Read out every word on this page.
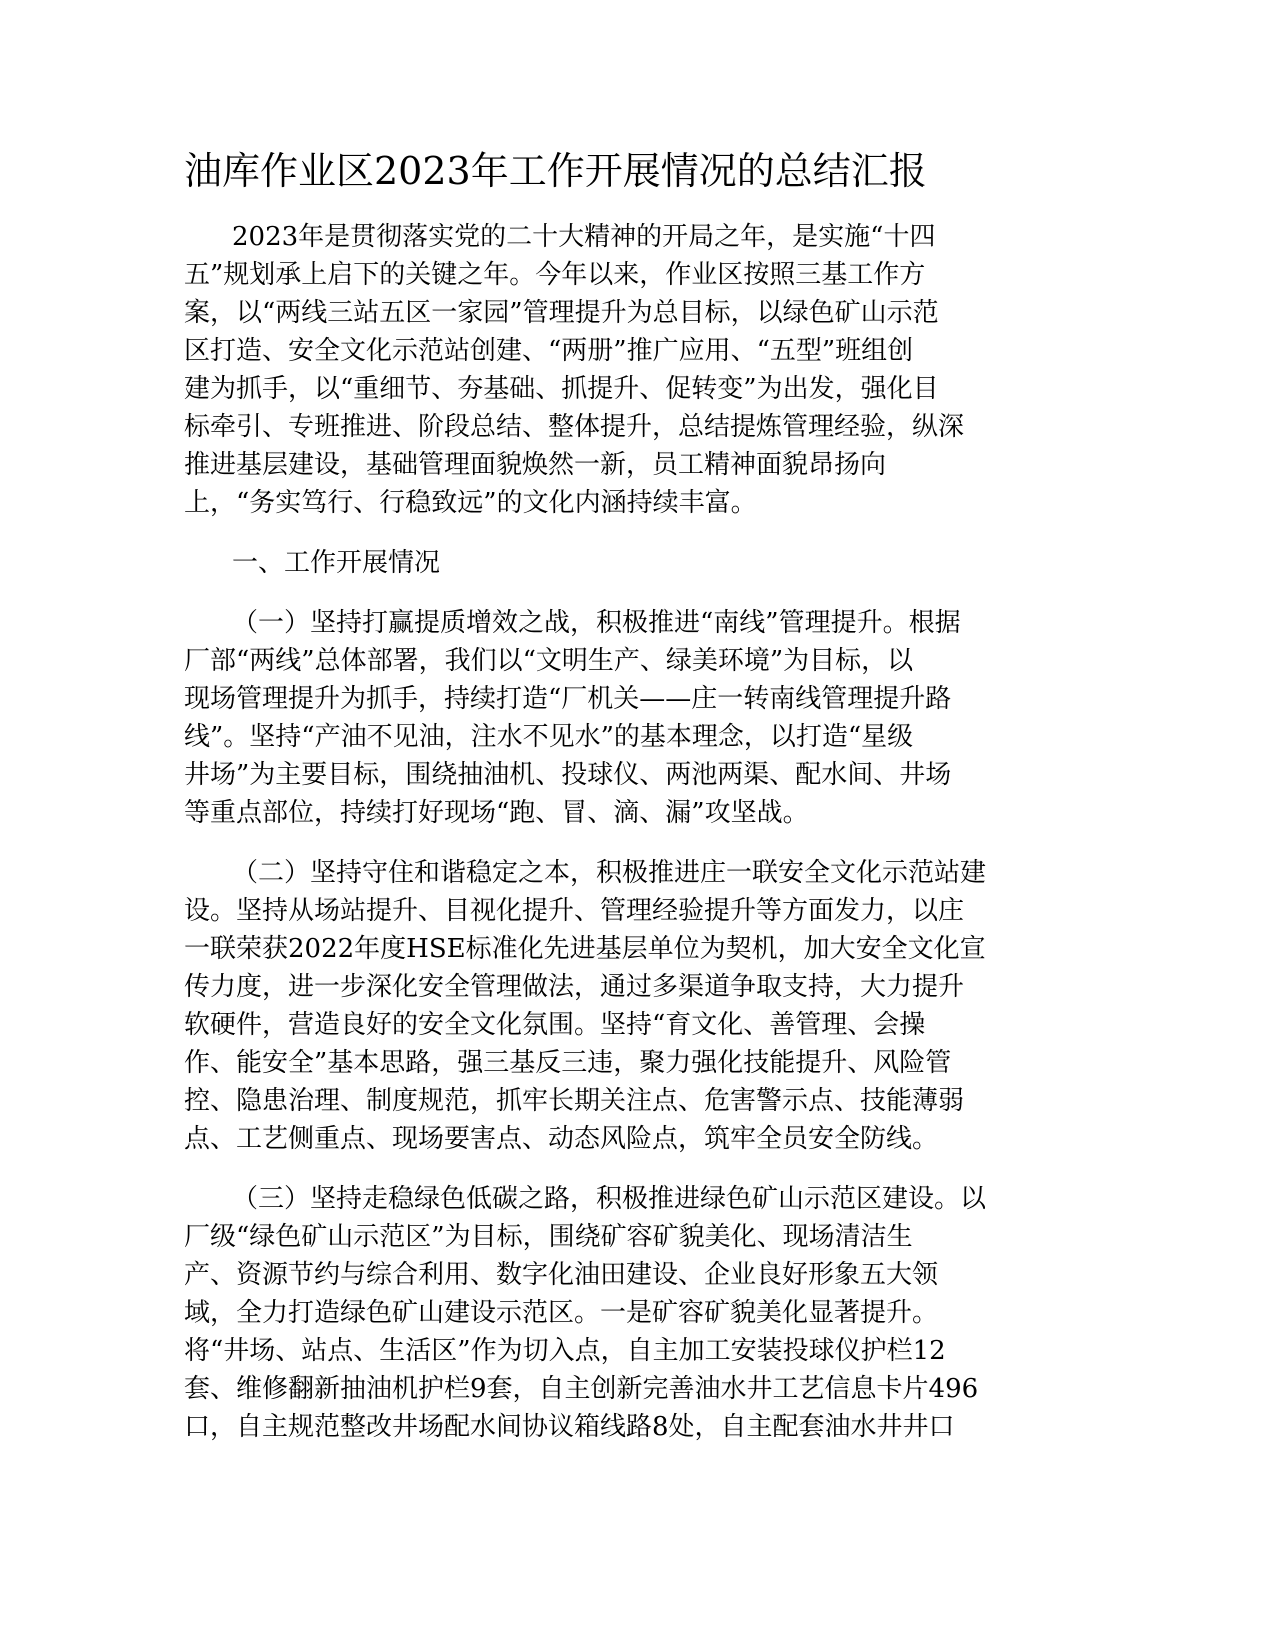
油库作业区2023年工作开展情况的总结汇报
2023年是贯彻落实党的二十大精神的开局之年，是实施“十四
五”规划承上启下的关键之年。今年以来，作业区按照三基工作方
案，以“两线三站五区一家园”管理提升为总目标，以绿色矿山示范
区打造、安全文化示范站创建、“两册”推广应用、“五型”班组创
建为抓手，以“重细节、夯基础、抓提升、促转变”为出发，强化目
标牵引、专班推进、阶段总结、整体提升，总结提炼管理经验，纵深
推进基层建设，基础管理面貌焕然一新，员工精神面貌昂扬向
上，“务实笃行、行稳致远”的文化内涵持续丰富。
一、工作开展情况
（一）坚持打赢提质增效之战，积极推进“南线”管理提升。根据
厂部“两线”总体部署，我们以“文明生产、绿美环境”为目标，以
现场管理提升为抓手，持续打造“厂机关——庄一转南线管理提升路
线”。坚持“产油不见油，注水不见水”的基本理念，以打造“星级
井场”为主要目标，围绕抽油机、投球仪、两池两渠、配水间、井场
等重点部位，持续打好现场“跑、冒、滴、漏”攻坚战。
（二）坚持守住和谐稳定之本，积极推进庄一联安全文化示范站建
设。坚持从场站提升、目视化提升、管理经验提升等方面发力，以庄
一联荣获2022年度HSE标准化先进基层单位为契机，加大安全文化宣
传力度，进一步深化安全管理做法，通过多渠道争取支持，大力提升
软硬件，营造良好的安全文化氛围。坚持“育文化、善管理、会操
作、能安全”基本思路，强三基反三违，聚力强化技能提升、风险管
控、隐患治理、制度规范，抓牢长期关注点、危害警示点、技能薄弱
点、工艺侧重点、现场要害点、动态风险点，筑牢全员安全防线。
（三）坚持走稳绿色低碳之路，积极推进绿色矿山示范区建设。以
厂级“绿色矿山示范区”为目标，围绕矿容矿貌美化、现场清洁生
产、资源节约与综合利用、数字化油田建设、企业良好形象五大领
域，全力打造绿色矿山建设示范区。一是矿容矿貌美化显著提升。
将“井场、站点、生活区”作为切入点，自主加工安装投球仪护栏12
套、维修翻新抽油机护栏9套，自主创新完善油水井工艺信息卡片496
口，自主规范整改井场配水间协议箱线路8处，自主配套油水井井口
